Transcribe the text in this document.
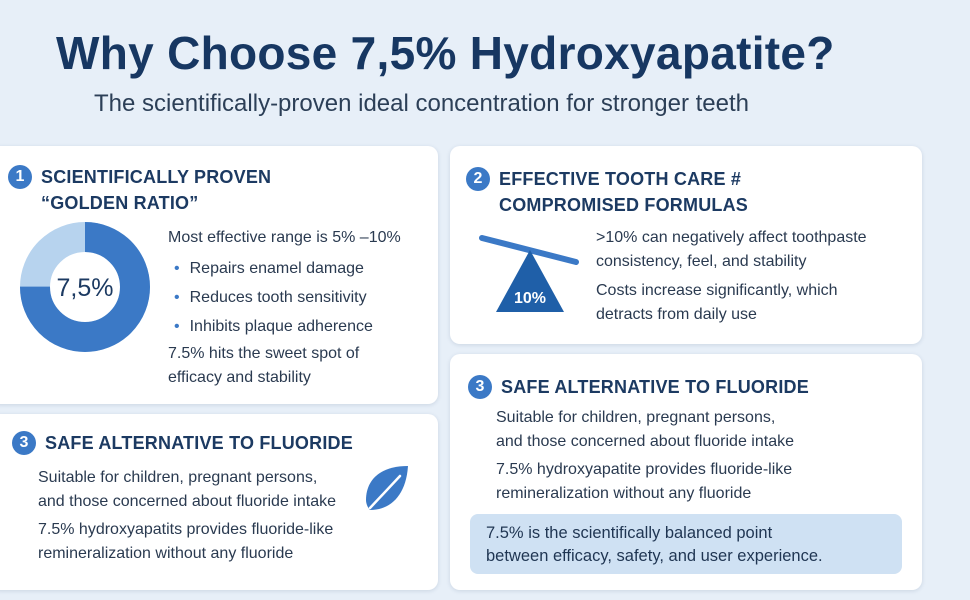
Why Choose 7,5% Hydroxyapatite?
The scientifically-proven ideal concentration for stronger teeth
1 SCIENTIFICALLY PROVEN
“GOLDEN RATIO”
7,5%
Most effective range is 5% –10%
• Repairs enamel damage
• Reduces tooth sensitivity
• Inhibits plaque adherence
7.5% hits the sweet spot of
efficacy and stability
2 EFFECTIVE TOOTH CARE #
COMPROMISED FORMULAS
10%
>10% can negatively affect toothpaste
consistency, feel, and stability
Costs increase significantly, which
detracts from daily use
3 SAFE ALTERNATIVE TO FLUORIDE
Suitable for children, pregnant persons,
and those concerned about fluoride intake
7.5% hydroxyapatits provides fluoride-like
remineralization without any fluoride
3 SAFE ALTERNATIVE TO FLUORIDE
Suitable for children, pregnant persons,
and those concerned about fluoride intake
7.5% hydroxyapatite provides fluoride-like
remineralization without any fluoride
7.5% is the scientifically balanced point
between efficacy, safety, and user experience.
